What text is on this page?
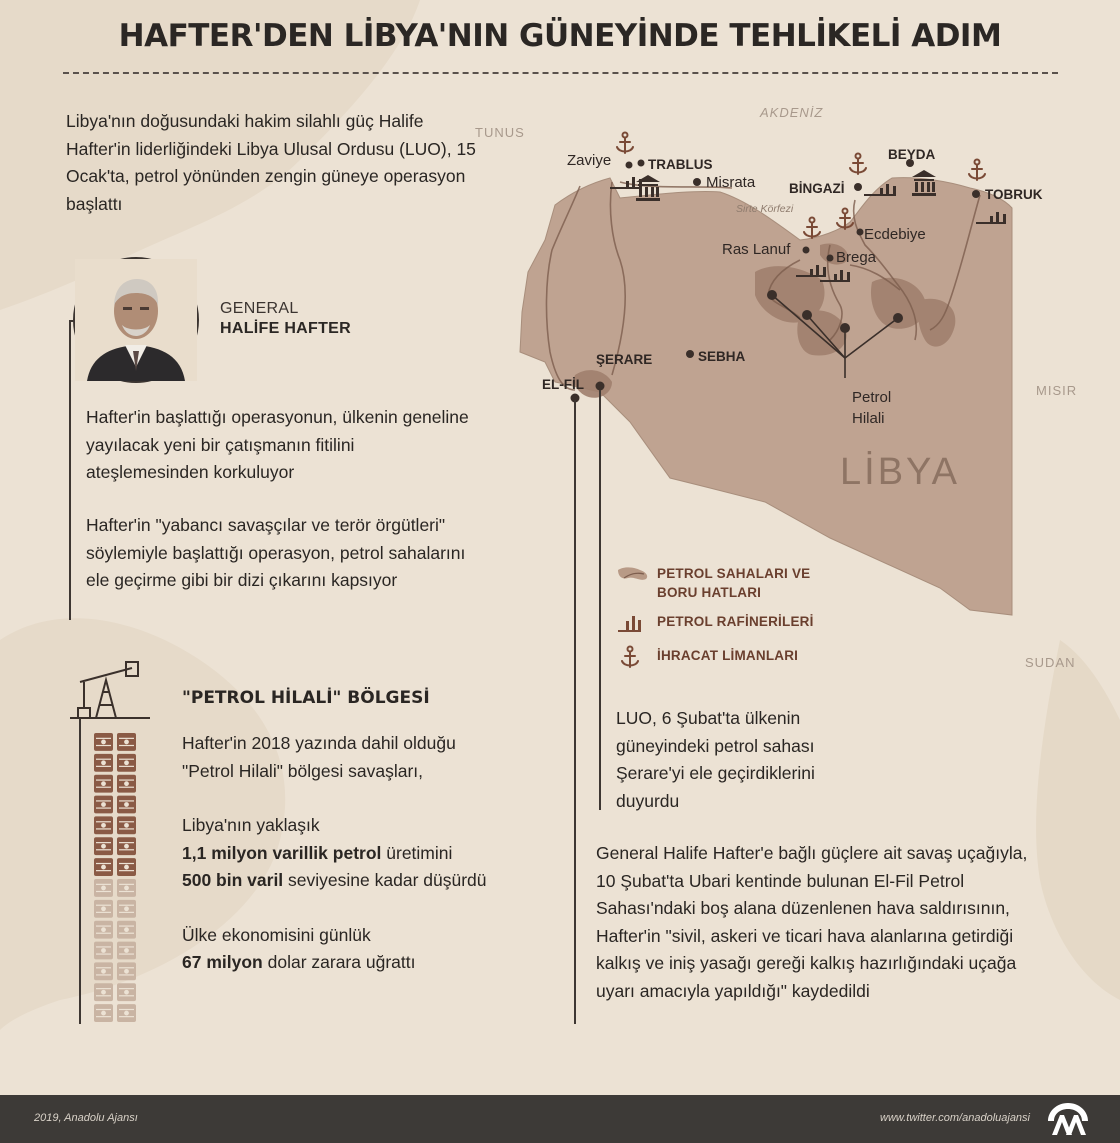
HAFTER'DEN LİBYA'NIN GÜNEYİNDE TEHLİKELİ ADIM
Libya'nın doğusundaki hakim silahlı güç Halife Hafter'in liderliğindeki Libya Ulusal Ordusu (LUO), 15 Ocak'ta, petrol yönünden zengin güneye operasyon başlattı
GENERAL
HALİFE HAFTER
Hafter'in başlattığı operasyonun, ülkenin geneline yayılacak yeni bir çatışmanın fitilini ateşlemesinden korkuluyor
Hafter'in "yabancı savaşçılar ve terör örgütleri" söylemiyle başlattığı operasyon, petrol sahalarını ele geçirme gibi bir dizi çıkarını kapsıyor
"PETROL HİLALİ" BÖLGESİ
Hafter'in 2018 yazında dahil olduğu "Petrol Hilali" bölgesi savaşları,
Libya'nın yaklaşık
1,1 milyon varillik petrol üretimini
500 bin varil seviyesine kadar düşürdü
Ülke ekonomisini günlük
67 milyon dolar zarara uğrattı
AKDENİZ
Sirte Körfezi
LİBYA
TUNUS
MISIR
SUDAN
Zaviye	TRABLUS
Misrata	BİNGAZİ
BEYDA
TOBRUK
Ecdebiye
Ras Lanuf	Brega
ŞERARE	SEBHA
EL-FİL
Petrol
Hilali
PETROL SAHALARI VE BORU HATLARI
PETROL RAFİNERİLERİ
İHRACAT LİMANLARI
LUO, 6 Şubat'ta ülkenin güneyindeki petrol sahası Şerare'yi ele geçirdiklerini duyurdu
General Halife Hafter'e bağlı güçlere ait savaş uçağıyla, 10 Şubat'ta Ubari kentinde bulunan El-Fil Petrol Sahası'ndaki boş alana düzenlenen hava saldırısının, Hafter'in "sivil, askeri ve ticari hava alanlarına getirdiği kalkış ve iniş yasağı gereği kalkış hazırlığındaki uçağa uyarı amacıyla yapıldığı" kaydedildi
2019, Anadolu Ajansı	www.twitter.com/anadoluajansi
